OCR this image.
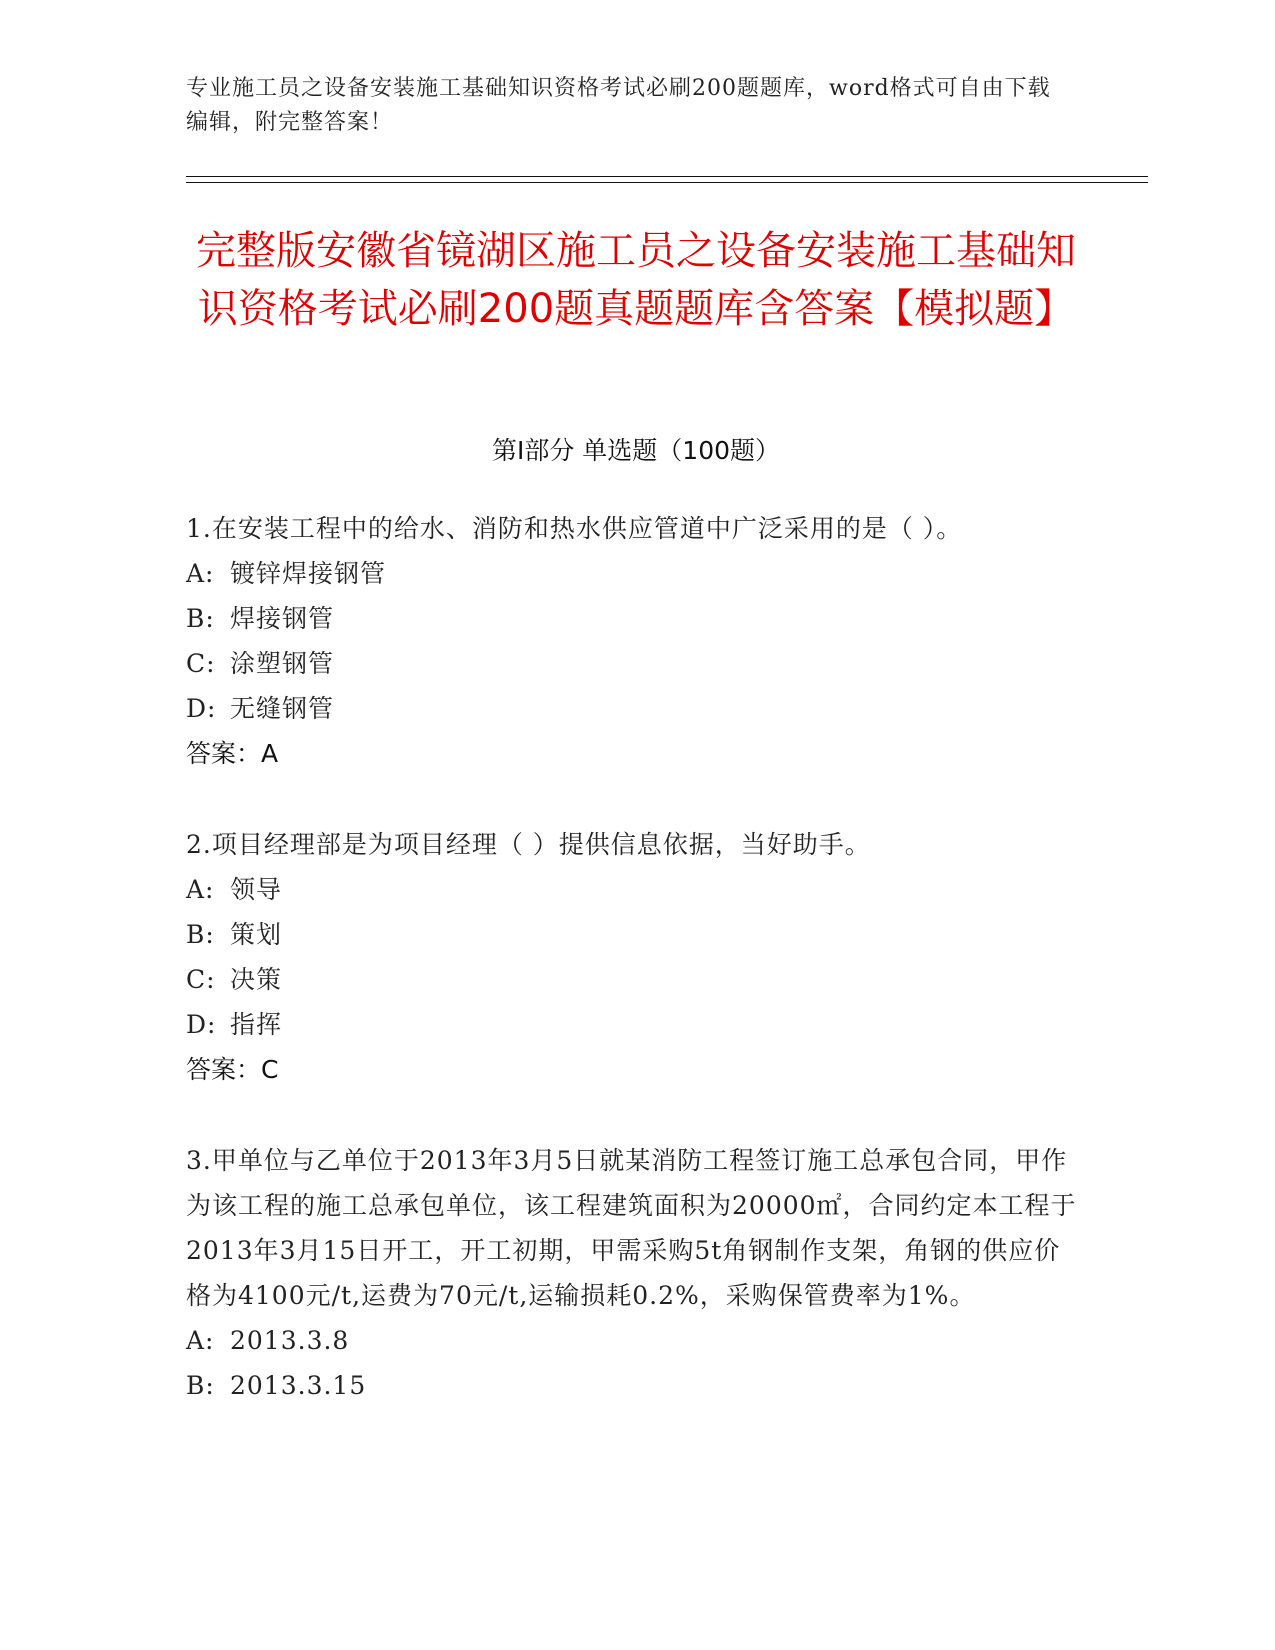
专业施工员之设备安装施工基础知识资格考试必刷200题题库，word格式可自由下载编辑，附完整答案！
完整版安徽省镜湖区施工员之设备安装施工基础知识资格考试必刷200题真题题库含答案【模拟题】
第Ⅰ部分 单选题（100题）

1.在安装工程中的给水、消防和热水供应管道中广泛采用的是（ ）。

A: 镀锌焊接钢管

B: 焊接钢管

C: 涂塑钢管

D: 无缝钢管

答案：A

2.项目经理部是为项目经理（ ）提供信息依据，当好助手。

A: 领导

B: 策划

C: 决策

D: 指挥

答案：C

3.甲单位与乙单位于2013年3月5日就某消防工程签订施工总承包合同，甲作为该工程的施工总承包单位，该工程建筑面积为20000㎡，合同约定本工程于2013年3月15日开工，开工初期，甲需采购5t角钢制作支架，角钢的供应价格为4100元/t,运费为70元/t,运输损耗0.2%，采购保管费率为1%。

A: 2013.3.8

B: 2013.3.15
